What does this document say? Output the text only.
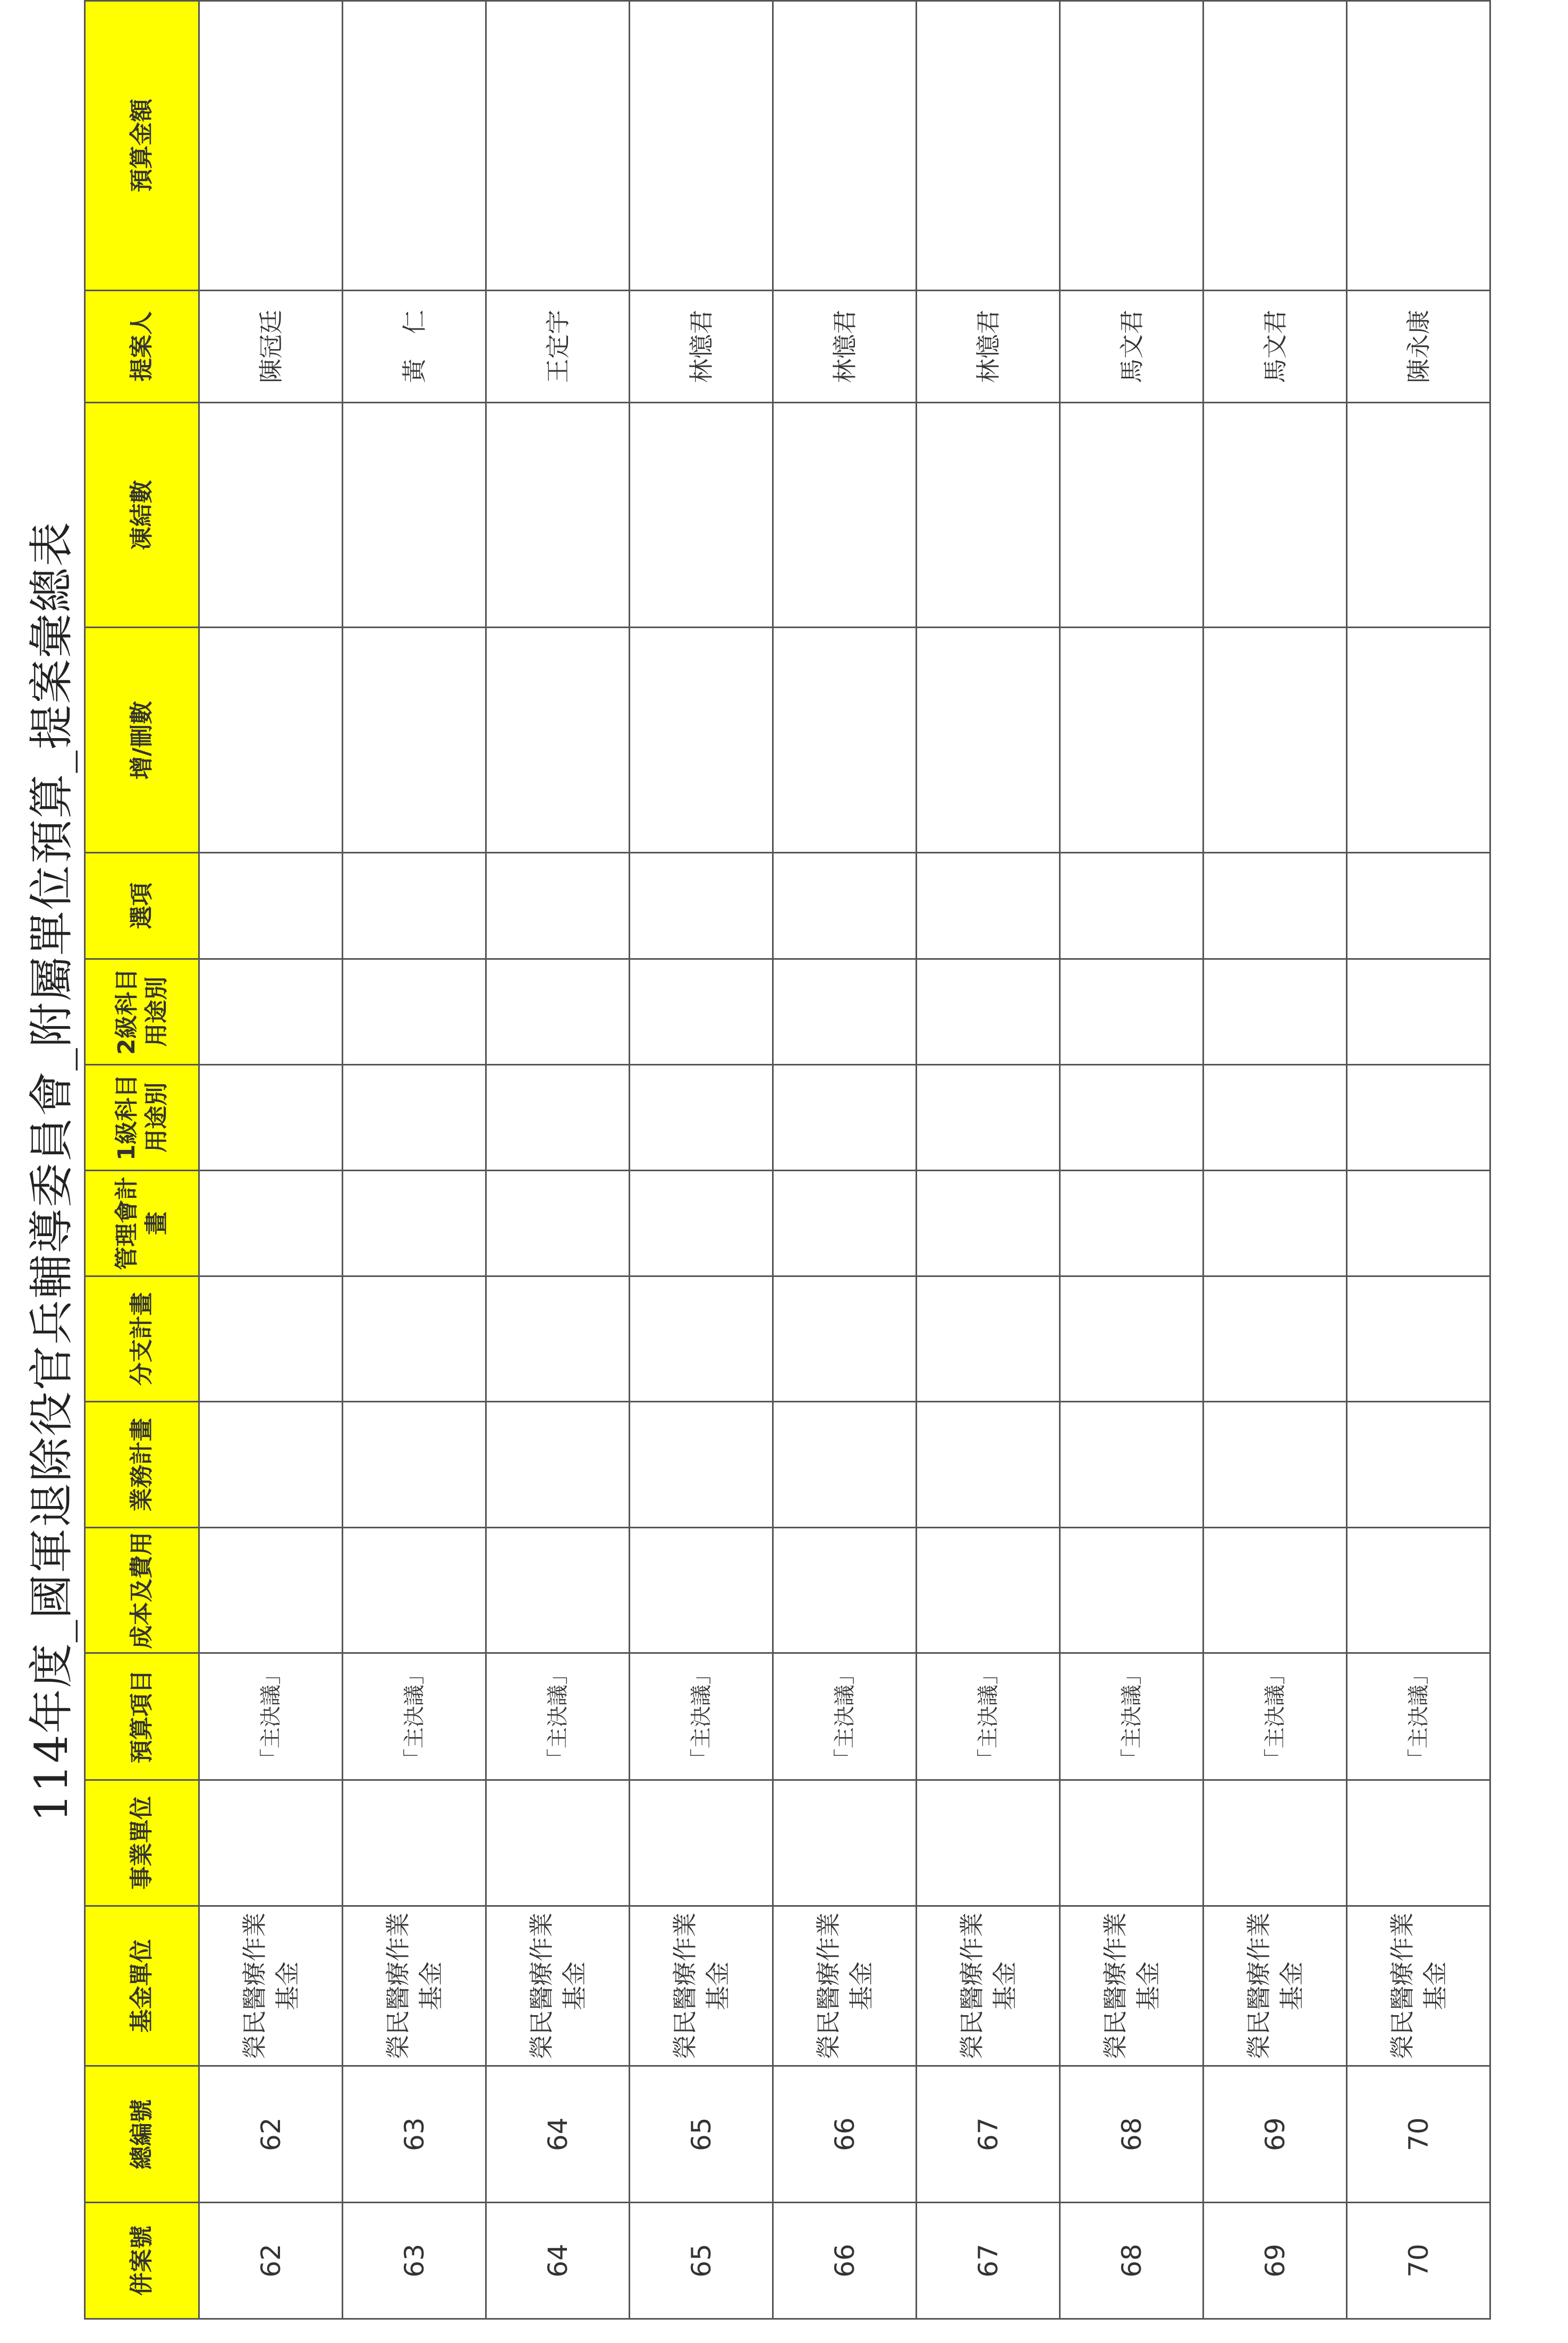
114年度_國軍退除役官兵輔導委員會_附屬單位預算_提案彙總表
併案號	總編號	基金單位	事業單位	預算項目	成本及費用	業務計畫	分支計畫	管理會計畫	1級科目用途別	2級科目用途別	選項	增/刪數	凍結數	提案人	預算金額
62	62	榮民醫療作業基金		「主決議」										陳冠廷	
63	63	榮民醫療作業基金		「主決議」										黃　仁	
64	64	榮民醫療作業基金		「主決議」										王定宇	
65	65	榮民醫療作業基金		「主決議」										林憶君	
66	66	榮民醫療作業基金		「主決議」										林憶君	
67	67	榮民醫療作業基金		「主決議」										林憶君	
68	68	榮民醫療作業基金		「主決議」										馬文君	
69	69	榮民醫療作業基金		「主決議」										馬文君	
70	70	榮民醫療作業基金		「主決議」										陳永康	
